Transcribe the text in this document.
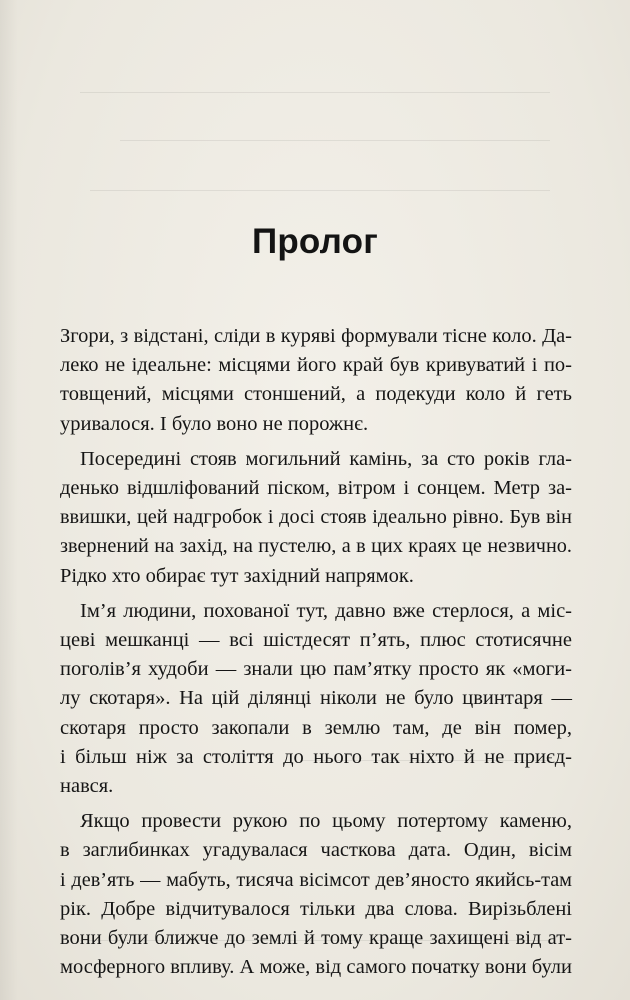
Пролог
Згори, з відстані, сліди в куряві формували тісне коло. Да-
леко не ідеальне: місцями його край був кривуватий і по-
товщений, місцями стоншений, а подекуди коло й геть
уривалося. І було воно не порожнє.
Посередині стояв могильний камінь, за сто років гла-
денько відшліфований піском, вітром і сонцем. Метр за-
ввишки, цей надгробок і досі стояв ідеально рівно. Був він
звернений на захід, на пустелю, а в цих краях це незвично.
Рідко хто обирає тут західний напрямок.
Ім’я людини, похованої тут, давно вже стерлося, а міс-
цеві мешканці — всі шістдесят п’ять, плюс стотисячне
поголів’я худоби — знали цю пам’ятку просто як «моги-
лу скотаря». На цій ділянці ніколи не було цвинтаря —
скотаря просто закопали в землю там, де він помер,
і більш ніж за століття до нього так ніхто й не приєд-
нався.
Якщо провести рукою по цьому потертому каменю,
в заглибинках угадувалася часткова дата. Один, вісім
і дев’ять — мабуть, тисяча вісімсот дев’яносто якийсь-там
рік. Добре відчитувалося тільки два слова. Вирізьблені
вони були ближче до землі й тому краще захищені від ат-
мосферного впливу. А може, від самого початку вони були
